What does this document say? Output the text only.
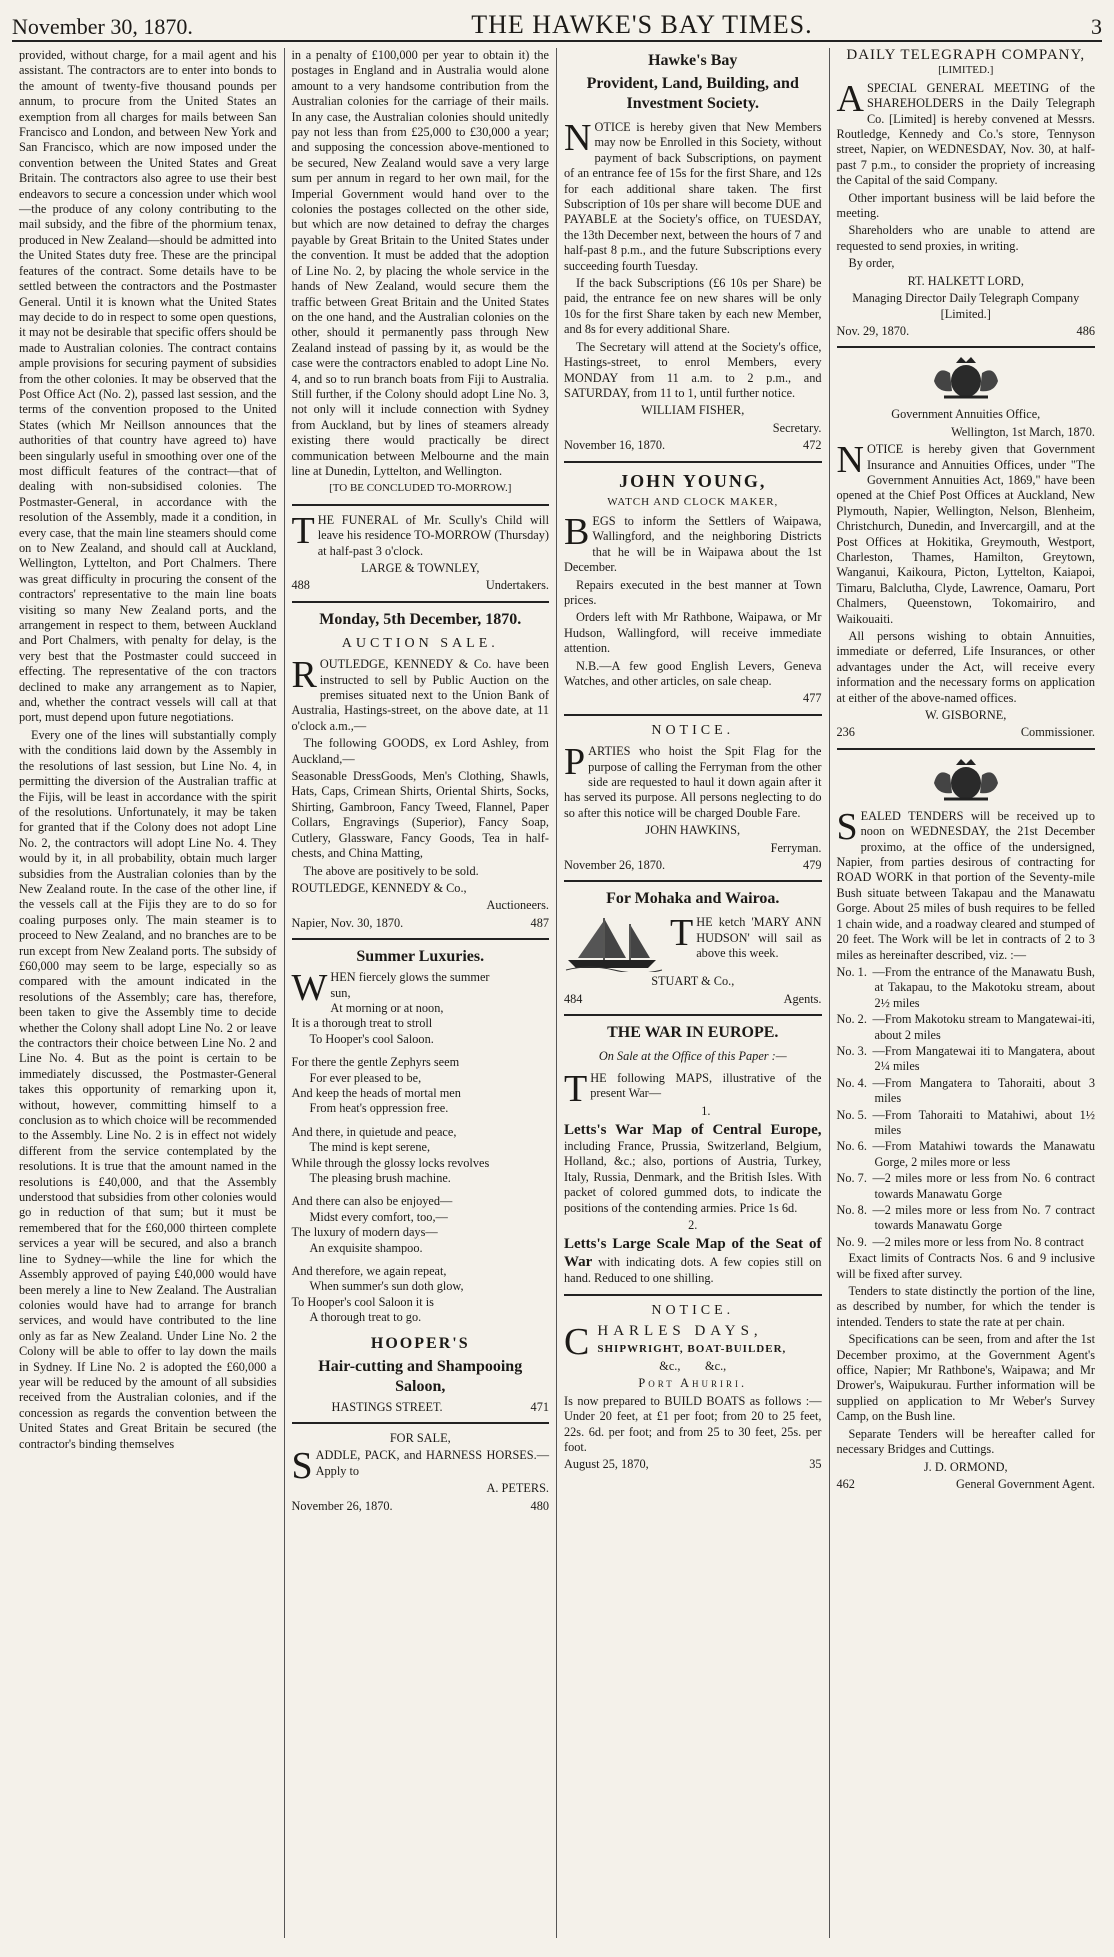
November 30, 1870.	THE HAWKE'S BAY TIMES.	3

provided, without charge, for a mail agent and his assistant. The contractors are to enter into bonds to the amount of twenty-five thousand pounds per annum, to procure from the United States an exemption from all charges for mails between San Francisco and London, and between New York and San Francisco, which are now imposed under the convention between the United States and Great Britain. The contractors also agree to use their best endeavors to secure a concession under which wool—the produce of any colony contributing to the mail subsidy, and the fibre of the phormium tenax, produced in New Zealand—should be admitted into the United States duty free. These are the principal features of the contract. Some details have to be settled between the contractors and the Postmaster General. Until it is known what the United States may decide to do in respect to some open questions, it may not be desirable that specific offers should be made to Australian colonies. The contract contains ample provisions for securing payment of subsidies from the other colonies. It may be observed that the Post Office Act (No. 2), passed last session, and the terms of the convention proposed to the United States (which Mr Neillson announces that the authorities of that country have agreed to) have been singularly useful in smoothing over one of the most difficult features of the contract—that of dealing with non-subsidised colonies. The Postmaster-General, in accordance with the resolution of the Assembly, made it a condition, in every case, that the main line steamers should come on to New Zealand, and should call at Auckland, Wellington, Lyttelton, and Port Chalmers. There was great difficulty in procuring the consent of the contractors' representative to the main line boats visiting so many New Zealand ports, and the arrangement in respect to them, between Auckland and Port Chalmers, with penalty for delay, is the very best that the Postmaster could succeed in effecting. The representative of the con tractors declined to make any arrangement as to Napier, and, whether the contract vessels will call at that port, must depend upon future negotiations.

Every one of the lines will substantially comply with the conditions laid down by the Assembly in the resolutions of last session, but Line No. 4, in permitting the diversion of the Australian traffic at the Fijis, will be least in accordance with the spirit of the resolutions. Unfortunately, it may be taken for granted that if the Colony does not adopt Line No. 2, the contractors will adopt Line No. 4. They would by it, in all probability, obtain much larger subsidies from the Australian colonies than by the New Zealand route. In the case of the other line, if the vessels call at the Fijis they are to do so for coaling purposes only. The main steamer is to proceed to New Zealand, and no branches are to be run except from New Zealand ports. The subsidy of £60,000 may seem to be large, especially so as compared with the amount indicated in the resolutions of the Assembly; care has, therefore, been taken to give the Assembly time to decide whether the Colony shall adopt Line No. 2 or leave the contractors their choice between Line No. 2 and Line No. 4. But as the point is certain to be immediately discussed, the Postmaster-General takes this opportunity of remarking upon it, without, however, committing himself to a conclusion as to which choice will be recommended to the Assembly. Line No. 2 is in effect not widely different from the service contemplated by the resolutions. It is true that the amount named in the resolutions is £40,000, and that the Assembly understood that subsidies from other colonies would go in reduction of that sum; but it must be remembered that for the £60,000 thirteen complete services a year will be secured, and also a branch line to Sydney—while the line for which the Assembly approved of paying £40,000 would have been merely a line to New Zealand. The Australian colonies would have had to arrange for branch services, and would have contributed to the line only as far as New Zealand. Under Line No. 2 the Colony will be able to offer to lay down the mails in Sydney. If Line No. 2 is adopted the £60,000 a year will be reduced by the amount of all subsidies received from the Australian colonies, and if the concession as regards the convention between the United States and Great Britain be secured (the contractor's binding themselves

in a penalty of £100,000 per year to obtain it) the postages in England and in Australia would alone amount to a very handsome contribution from the Australian colonies for the carriage of their mails. In any case, the Australian colonies should unitedly pay not less than from £25,000 to £30,000 a year; and supposing the concession above-mentioned to be secured, New Zealand would save a very large sum per annum in regard to her own mail, for the Imperial Government would hand over to the colonies the postages collected on the other side, but which are now detained to defray the charges payable by Great Britain to the United States under the convention. It must be added that the adoption of Line No. 2, by placing the whole service in the hands of New Zealand, would secure them the traffic between Great Britain and the United States on the one hand, and the Australian colonies on the other, should it permanently pass through New Zealand instead of passing by it, as would be the case were the contractors enabled to adopt Line No. 4, and so to run branch boats from Fiji to Australia. Still further, if the Colony should adopt Line No. 3, not only will it include connection with Sydney from Auckland, but by lines of steamers already existing there would practically be direct communication between Melbourne and the main line at Dunedin, Lyttelton, and Wellington.

[TO BE CONCLUDED TO-MORROW.]

THE FUNERAL of Mr. Scully's Child will leave his residence TO-MORROW (Thursday) at half-past 3 o'clock.

LARGE & TOWNLEY,

488	Undertakers.
Monday, 5th December, 1870.
AUCTION SALE.

ROUTLEDGE, KENNEDY & Co. have been instructed to sell by Public Auction on the premises situated next to the Union Bank of Australia, Hastings-street, on the above date, at 11 o'clock a.m.,—

The following GOODS, ex Lord Ashley, from Auckland,—

Seasonable DressGoods, Men's Clothing, Shawls, Hats, Caps, Crimean Shirts, Oriental Shirts, Socks, Shirting, Gambroon, Fancy Tweed, Flannel, Paper Collars, Engravings (Superior), Fancy Soap, Cutlery, Glassware, Fancy Goods, Tea in half-chests, and China Matting,

The above are positively to be sold.

ROUTLEDGE, KENNEDY & Co.,

Auctioneers.

Napier, Nov. 30, 1870.	487
Summer Luxuries.

WHEN fiercely glows the summer

sun,

At morning or at noon,

It is a thorough treat to stroll

To Hooper's cool Saloon.

For there the gentle Zephyrs seem

For ever pleased to be,

And keep the heads of mortal men

From heat's oppression free.

And there, in quietude and peace,

The mind is kept serene,

While through the glossy locks revolves

The pleasing brush machine.

And there can also be enjoyed—

Midst every comfort, too,—

The luxury of modern days—

An exquisite shampoo.

And therefore, we again repeat,

When summer's sun doth glow,

To Hooper's cool Saloon it is

A thorough treat to go.

HOOPER'S
Hair-cutting and Shampooing Saloon,
HASTINGS STREET.	471

FOR SALE,

SADDLE, PACK, and HARNESS HORSES.—Apply to

A. PETERS.

November 26, 1870.	480
Hawke's Bay
Provident, Land, Building, and Investment Society.

NOTICE is hereby given that New Members may now be Enrolled in this Society, without payment of back Subscriptions, on payment of an entrance fee of 15s for the first Share, and 12s for each additional share taken. The first Subscription of 10s per share will become DUE and PAYABLE at the Society's office, on TUESDAY, the 13th December next, between the hours of 7 and half-past 8 p.m., and the future Subscriptions every succeeding fourth Tuesday.

If the back Subscriptions (£6 10s per Share) be paid, the entrance fee on new shares will be only 10s for the first Share taken by each new Member, and 8s for every additional Share.

The Secretary will attend at the Society's office, Hastings-street, to enrol Members, every MONDAY from 11 a.m. to 2 p.m., and SATURDAY, from 11 to 1, until further notice.

WILLIAM FISHER,

Secretary.

November 16, 1870.	472
JOHN YOUNG,

WATCH AND CLOCK MAKER,

BEGS to inform the Settlers of Waipawa, Wallingford, and the neighboring Districts that he will be in Waipawa about the 1st December.

Repairs executed in the best manner at Town prices.

Orders left with Mr Rathbone, Waipawa, or Mr Hudson, Wallingford, will receive immediate attention.

N.B.—A few good English Levers, Geneva Watches, and other articles, on sale cheap.

477

NOTICE.

PARTIES who hoist the Spit Flag for the purpose of calling the Ferryman from the other side are requested to haul it down again after it has served its purpose. All persons neglecting to do so after this notice will be charged Double Fare.

JOHN HAWKINS,

Ferryman.

November 26, 1870.	479
For Mohaka and Wairoa.

THE ketch 'MARY ANN HUDSON' will sail as above this week.

STUART & Co.,

484	Agents.
THE WAR IN EUROPE.

On Sale at the Office of this Paper :—

THE following MAPS, illustrative of the present War—

1.

Letts's War Map of Central Europe, including France, Prussia, Switzerland, Belgium, Holland, &c.; also, portions of Austria, Turkey, Italy, Russia, Denmark, and the British Isles. With packet of colored gummed dots, to indicate the positions of the contending armies. Price 1s 6d.

2.

Letts's Large Scale Map of the Seat of War with indicating dots. A few copies still on hand. Reduced to one shilling.

NOTICE.

CHARLES DAYS,

SHIPWRIGHT, BOAT-BUILDER,

&c.,        &c.,

Port Ahuriri.

Is now prepared to BUILD BOATS as follows :—Under 20 feet, at £1 per foot; from 20 to 25 feet, 22s. 6d. per foot; and from 25 to 30 feet, 25s. per foot.

August 25, 1870,	35
DAILY TELEGRAPH COMPANY,

[LIMITED.]

ASPECIAL GENERAL MEETING of the SHAREHOLDERS in the Daily Telegraph Co. [Limited] is hereby convened at Messrs. Routledge, Kennedy and Co.'s store, Tennyson street, Napier, on WEDNESDAY, Nov. 30, at half-past 7 p.m., to consider the propriety of increasing the Capital of the said Company.

Other important business will be laid before the meeting.

Shareholders who are unable to attend are requested to send proxies, in writing.

By order,

RT. HALKETT LORD,

Managing Director Daily Telegraph Company [Limited.]

Nov. 29, 1870.	486

Government Annuities Office,

Wellington, 1st March, 1870.

NOTICE is hereby given that Government Insurance and Annuities Offices, under "The Government Annuities Act, 1869," have been opened at the Chief Post Offices at Auckland, New Plymouth, Napier, Wellington, Nelson, Blenheim, Christchurch, Dunedin, and Invercargill, and at the Post Offices at Hokitika, Greymouth, Westport, Charleston, Thames, Hamilton, Greytown, Wanganui, Kaikoura, Picton, Lyttelton, Kaiapoi, Timaru, Balclutha, Clyde, Lawrence, Oamaru, Port Chalmers, Queenstown, Tokomairiro, and Waikouaiti.

All persons wishing to obtain Annuities, immediate or deferred, Life Insurances, or other advantages under the Act, will receive every information and the necessary forms on application at either of the above-named offices.

W. GISBORNE,

236	Commissioner.

SEALED TENDERS will be received up to noon on WEDNESDAY, the 21st December proximo, at the office of the undersigned, Napier, from parties desirous of contracting for ROAD WORK in that portion of the Seventy-mile Bush situate between Takapau and the Manawatu Gorge. About 25 miles of bush requires to be felled 1 chain wide, and a roadway cleared and stumped of 20 feet. The Work will be let in contracts of 2 to 3 miles as hereinafter described, viz. :—

No. 1. —From the entrance of the Manawatu Bush, at Takapau, to the Makotoku stream, about 2½ miles

No. 2. —From Makotoku stream to Mangatewai-iti, about 2 miles

No. 3. —From Mangatewai iti to Mangatera, about 2¼ miles

No. 4. —From Mangatera to Tahoraiti, about 3 miles

No. 5. —From Tahoraiti to Matahiwi, about 1½ miles

No. 6. —From Matahiwi towards the Manawatu Gorge, 2 miles more or less

No. 7. —2 miles more or less from No. 6 contract towards Manawatu Gorge

No. 8. —2 miles more or less from No. 7 contract towards Manawatu Gorge

No. 9. —2 miles more or less from No. 8 contract

Exact limits of Contracts Nos. 6 and 9 inclusive will be fixed after survey.

Tenders to state distinctly the portion of the line, as described by number, for which the tender is intended. Tenders to state the rate at per chain.

Specifications can be seen, from and after the 1st December proximo, at the Government Agent's office, Napier; Mr Rathbone's, Waipawa; and Mr Drower's, Waipukurau. Further information will be supplied on application to Mr Weber's Survey Camp, on the Bush line.

Separate Tenders will be hereafter called for necessary Bridges and Cuttings.

J. D. ORMOND,

462	General Government Agent.
